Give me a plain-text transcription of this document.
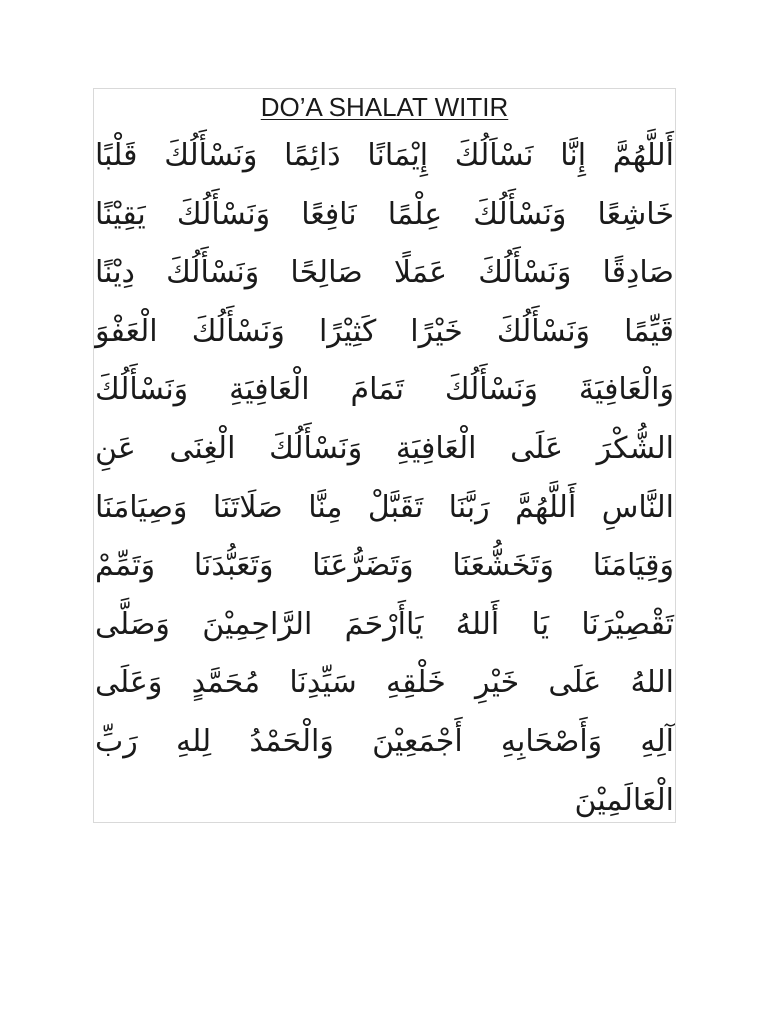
DO’A SHALAT WITIR
أَللَّهُمَّ إِنَّا نَسْاَلُكَ إِيْمَانًا دَائِمًا وَنَسْأَلُكَ قَلْبًا
خَاشِعًا وَنَسْأَلُكَ عِلْمًا نَافِعًا وَنَسْأَلُكَ يَقِيْنًا
صَادِقًا وَنَسْأَلُكَ عَمَلًا صَالِحًا وَنَسْأَلُكَ دِيْنًا
قَيِّمًا وَنَسْأَلُكَ خَيْرًا كَثِيْرًا وَنَسْأَلُكَ الْعَفْوَ
وَالْعَافِيَةَ وَنَسْأَلُكَ تَمَامَ الْعَافِيَةِ وَنَسْأَلُكَ
الشُّكْرَ عَلَى الْعَافِيَةِ وَنَسْأَلُكَ الْغِنَى عَنِ
النَّاسِ أَللَّهُمَّ رَبَّنَا تَقَبَّلْ مِنَّا صَلَاتَنَا وَصِيَامَنَا
وَقِيَامَنَا وَتَخَشُّعَنَا وَتَضَرُّعَنَا وَتَعَبُّدَنَا وَتَمِّمْ
تَقْصِيْرَنَا يَا أَللهُ يَاأَرْحَمَ الرَّاحِمِيْنَ وَصَلَّى
اللهُ عَلَى خَيْرِ خَلْقِهِ سَيِّدِنَا مُحَمَّدٍ وَعَلَى
آلِهِ وَأَصْحَابِهِ أَجْمَعِيْنَ وَالْحَمْدُ لِلهِ رَبِّ
الْعَالَمِيْنَ
